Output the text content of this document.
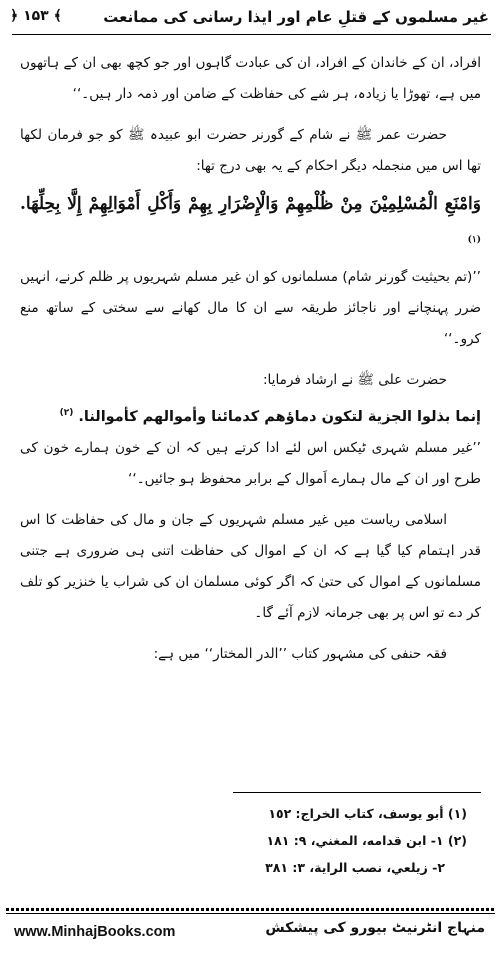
غیر مسلموں کے قتلِ عام اور ایذا رسانی کی ممانعت
﴿ ۱۵۳ ﴾

افراد، ان کے خاندان کے افراد، ان کی عبادت گاہوں اور جو کچھ بھی ان کے ہاتھوں میں ہے، تھوڑا یا زیادہ، ہر شے کی حفاظت کے ضامن اور ذمہ دار ہیں۔‘‘

حضرت عمر ﷺ نے شام کے گورنر حضرت ابو عبیدہ ﷺ کو جو فرمان لکھا تھا اس میں منجملہ دیگر احکام کے یہ بھی درج تھا:

وَامْنَعِ الْمُسْلِمِيْنَ مِنْ ظُلْمِهِمْ وَالْإِضْرَارِ بِهِمْ وَأَكْلِ أَمْوَالِهِمْ إِلَّا بِحِلِّهَا. $^{(١)}$

’’(تم بحیثیت گورنر شام) مسلمانوں کو ان غیر مسلم شہریوں پر ظلم کرنے، انہیں ضرر پہنچانے اور ناجائز طریقہ سے ان کا مال کھانے سے سختی کے ساتھ منع کرو۔‘‘

حضرت علی ﷺ نے ارشاد فرمایا:

إنما بذلوا الجزية لتكون دماؤهم كدمائنا وأموالهم كأموالنا. $^{(٢)}$

’’غیر مسلم شہری ٹیکس اس لئے ادا کرتے ہیں کہ ان کے خون ہمارے خون کی طرح اور ان کے مال ہمارے اَموال کے برابر محفوظ ہو جائیں۔‘‘

اسلامی ریاست میں غیر مسلم شہریوں کے جان و مال کی حفاظت کا اس قدر اہتمام کیا گیا ہے کہ ان کے اموال کی حفاظت اتنی ہی ضروری ہے جتنی مسلمانوں کے اموال کی حتیٰ کہ اگر کوئی مسلمان ان کی شراب یا خنزیر کو تلف کر دے تو اس پر بھی جرمانہ لازم آئے گا۔

فقہ حنفی کی مشہور کتاب ’’الدر المختار‘‘ میں ہے:

(١) أبو يوسف، كتاب الخراج: ١٥٢
(٢) ١- ابن قدامه، المغني، ٩: ١٨١
٢- زيلعي، نصب الراية، ٣: ٣٨١
www.MinhajBooks.com	منہاج انٹرنیٹ بیورو کی پیشکش
